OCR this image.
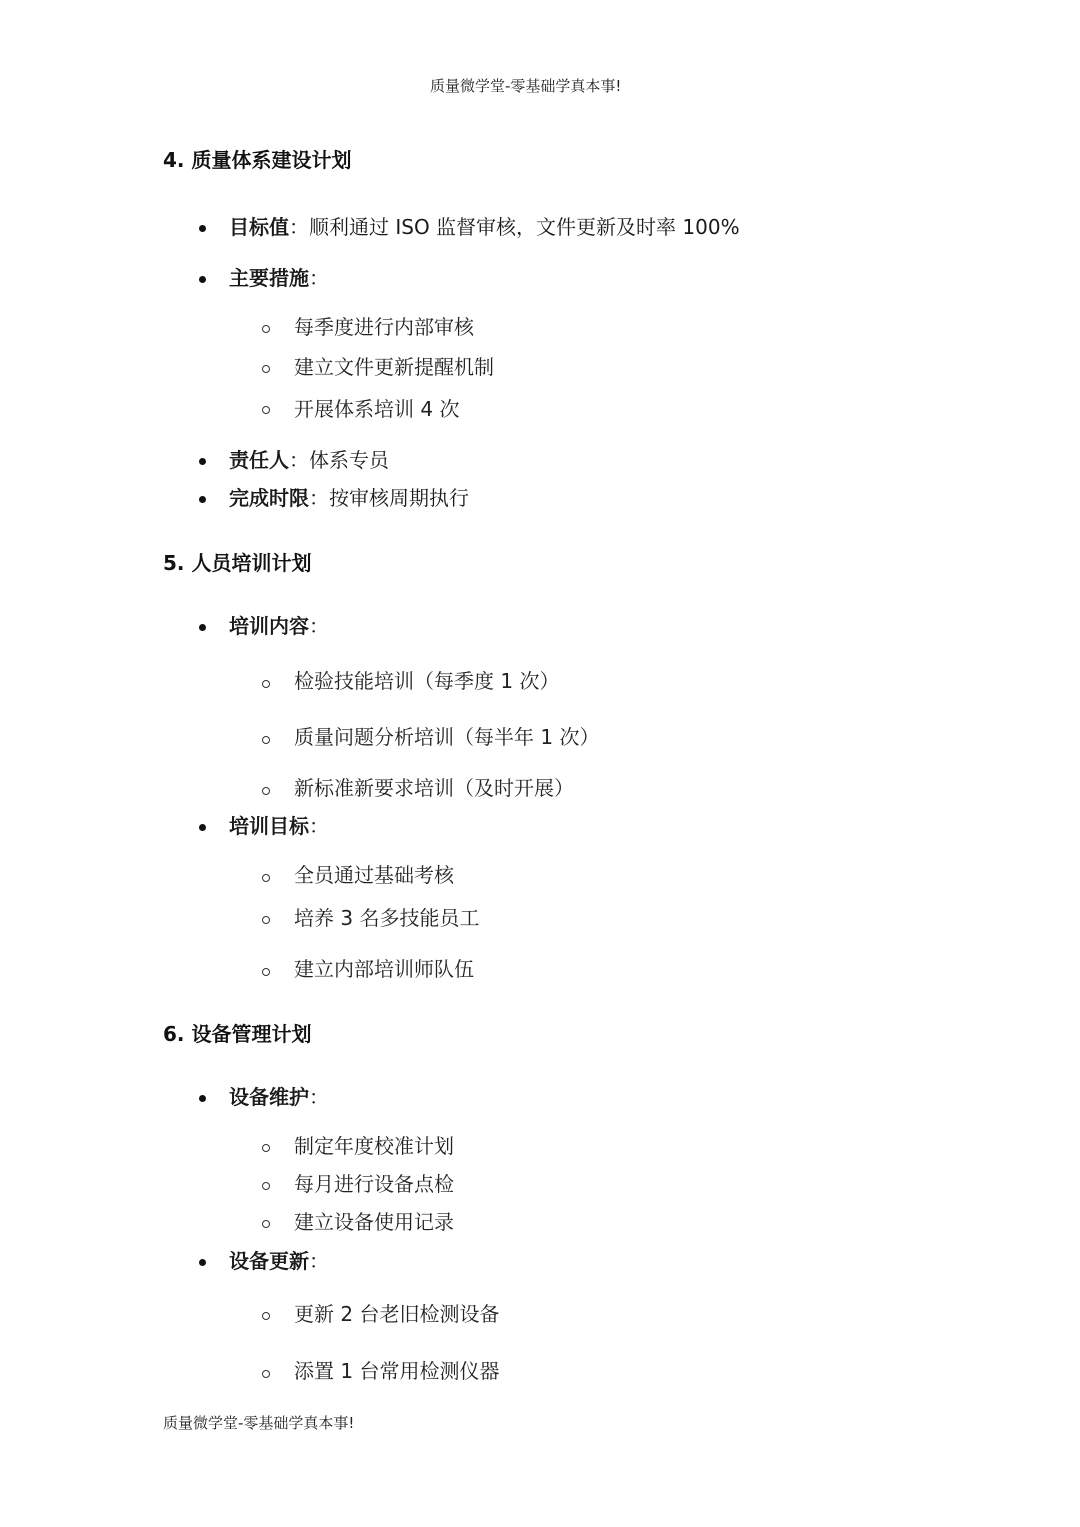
质量微学堂-零基础学真本事!
4. 质量体系建设计划
目标值：顺利通过 ISO 监督审核，文件更新及时率 100%
主要措施：
每季度进行内部审核
建立文件更新提醒机制
开展体系培训 4 次
责任人：体系专员
完成时限：按审核周期执行
5. 人员培训计划
培训内容：
检验技能培训（每季度 1 次）
质量问题分析培训（每半年 1 次）
新标准新要求培训（及时开展）
培训目标：
全员通过基础考核
培养 3 名多技能员工
建立内部培训师队伍
6. 设备管理计划
设备维护：
制定年度校准计划
每月进行设备点检
建立设备使用记录
设备更新：
更新 2 台老旧检测设备
添置 1 台常用检测仪器
质量微学堂-零基础学真本事!
